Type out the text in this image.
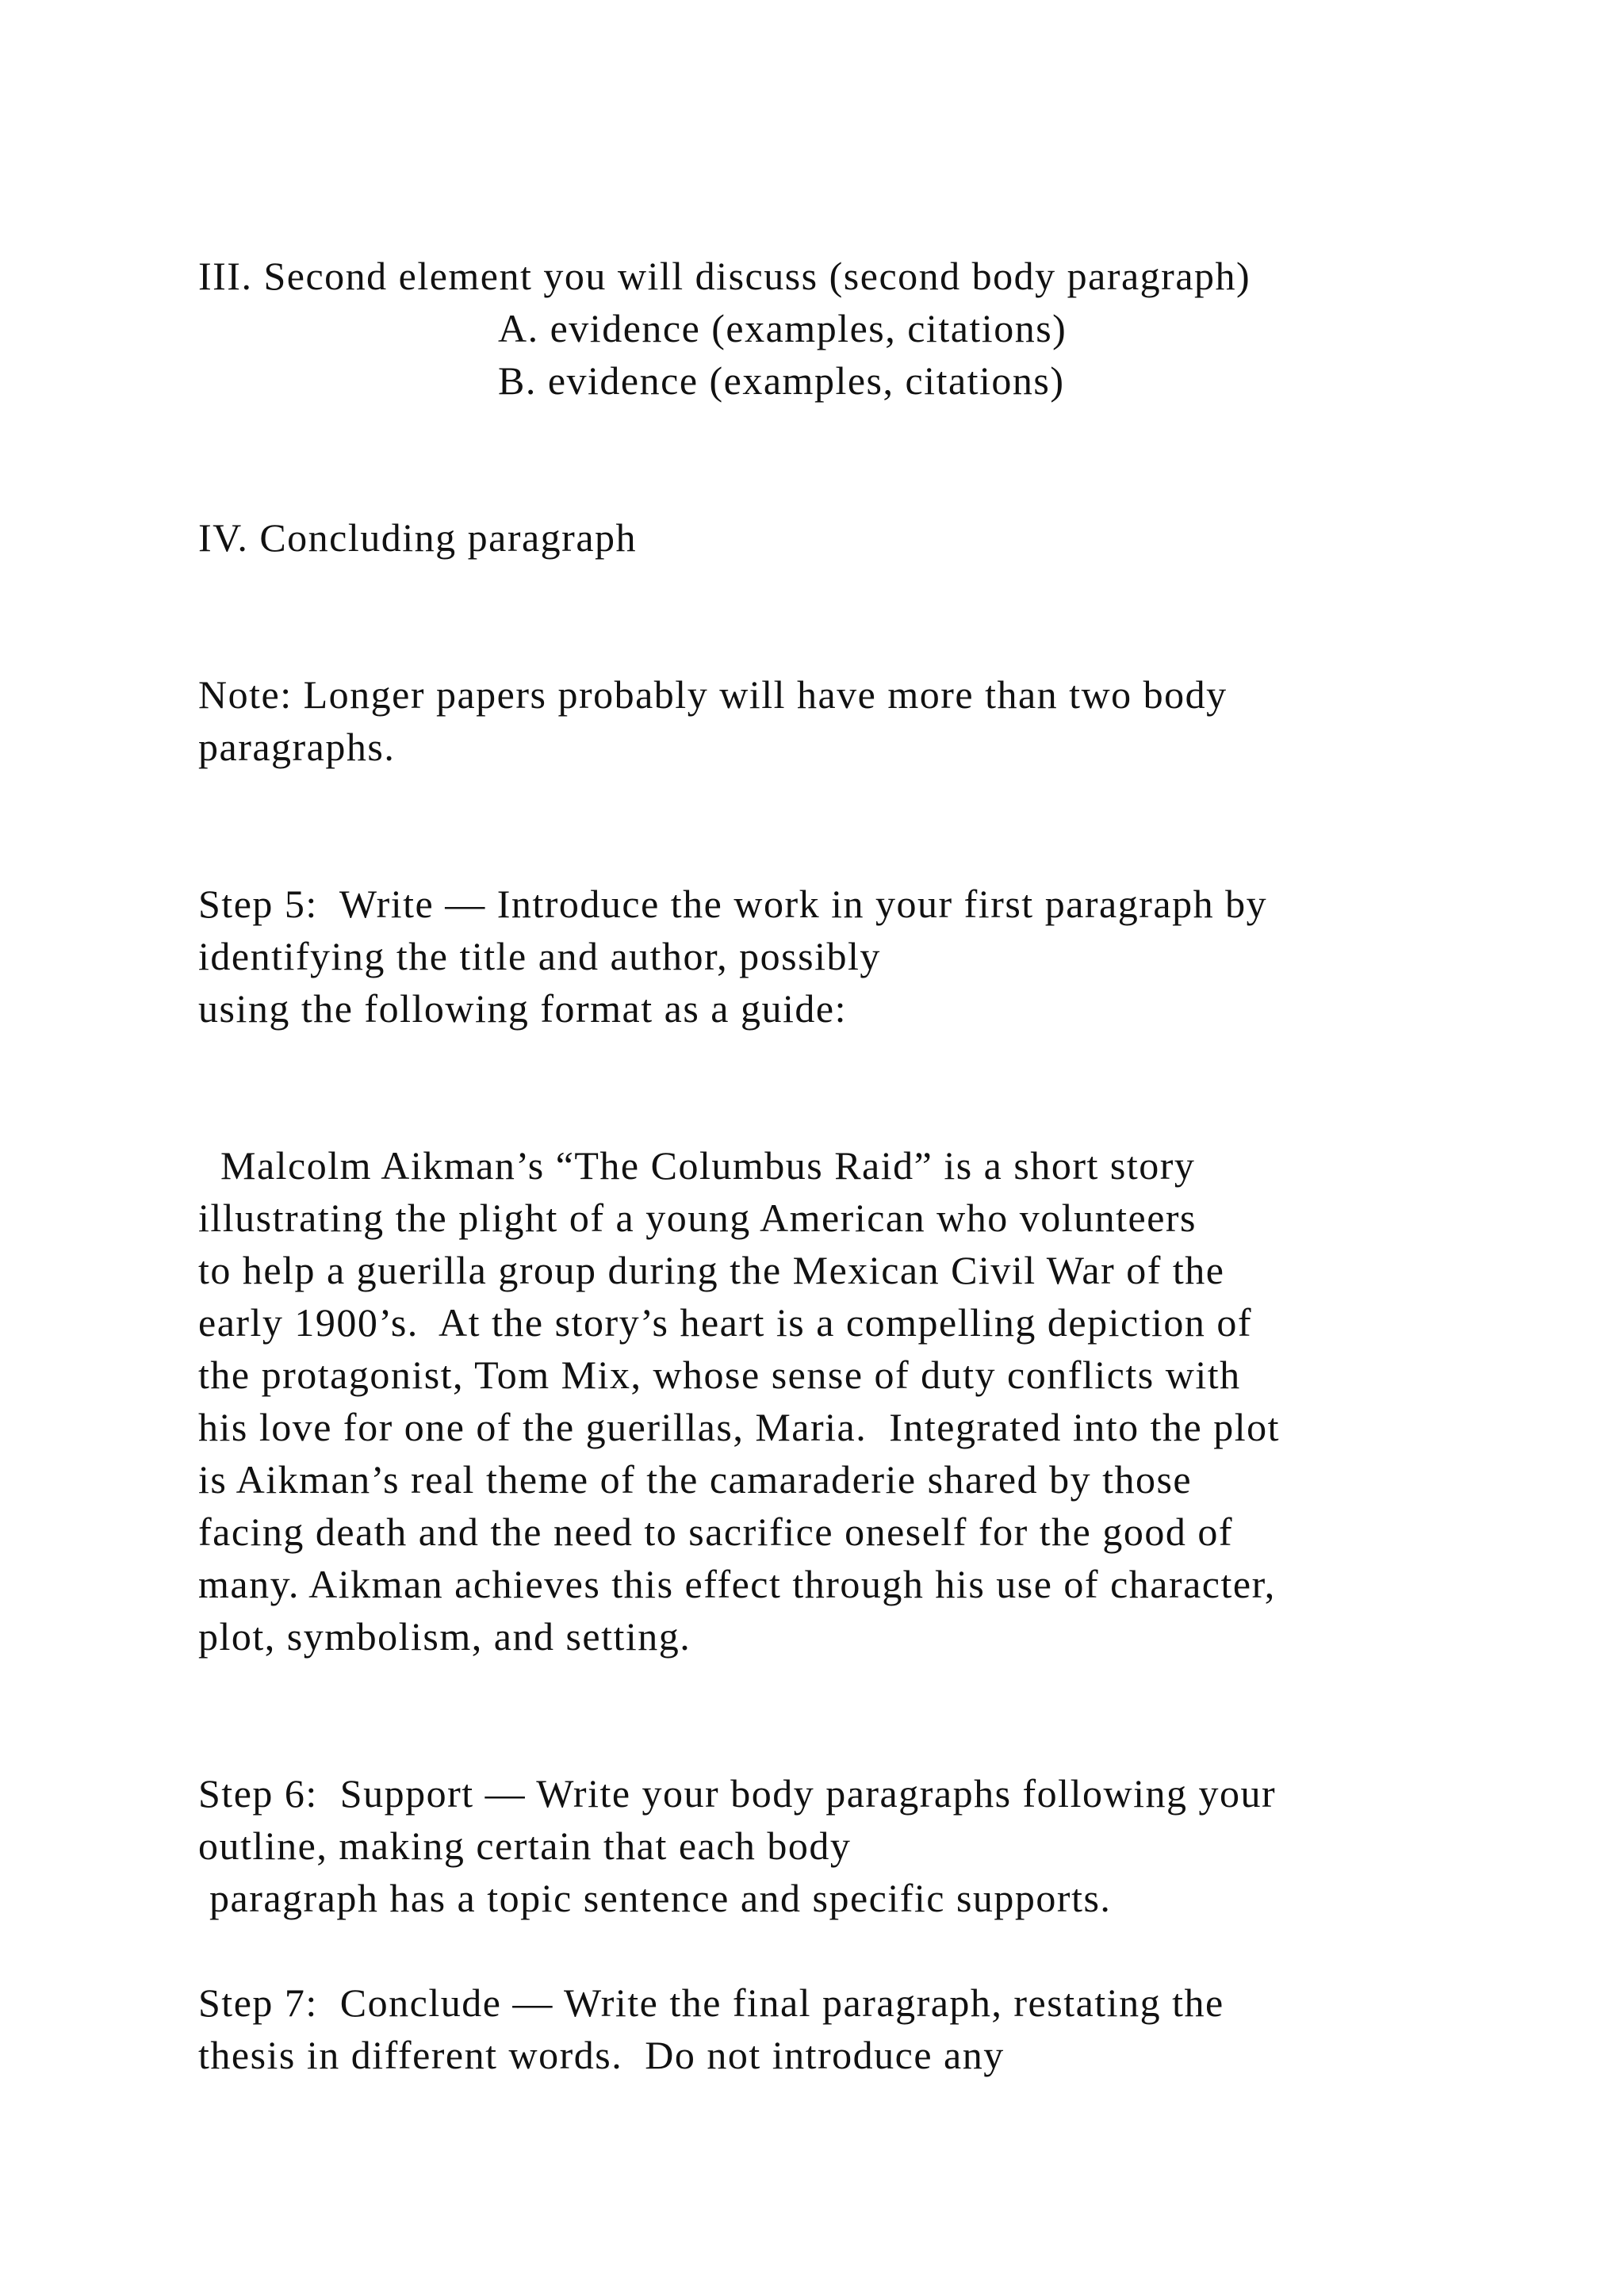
III. Second element you will discuss (second body paragraph)
A. evidence (examples, citations)
B. evidence (examples, citations)
IV. Concluding paragraph
Note: Longer papers probably will have more than two body
paragraphs.
Step 5:  Write — Introduce the work in your first paragraph by
identifying the title and author, possibly
using the following format as a guide:
Malcolm Aikman’s “The Columbus Raid” is a short story
illustrating the plight of a young American who volunteers
to help a guerilla group during the Mexican Civil War of the
early 1900’s.  At the story’s heart is a compelling depiction of
the protagonist, Tom Mix, whose sense of duty conflicts with
his love for one of the guerillas, Maria.  Integrated into the plot
is Aikman’s real theme of the camaraderie shared by those
facing death and the need to sacrifice oneself for the good of
many. Aikman achieves this effect through his use of character,
plot, symbolism, and setting.
Step 6:  Support — Write your body paragraphs following your
outline, making certain that each body
paragraph has a topic sentence and specific supports.
Step 7:  Conclude — Write the final paragraph, restating the
thesis in different words.  Do not introduce any
